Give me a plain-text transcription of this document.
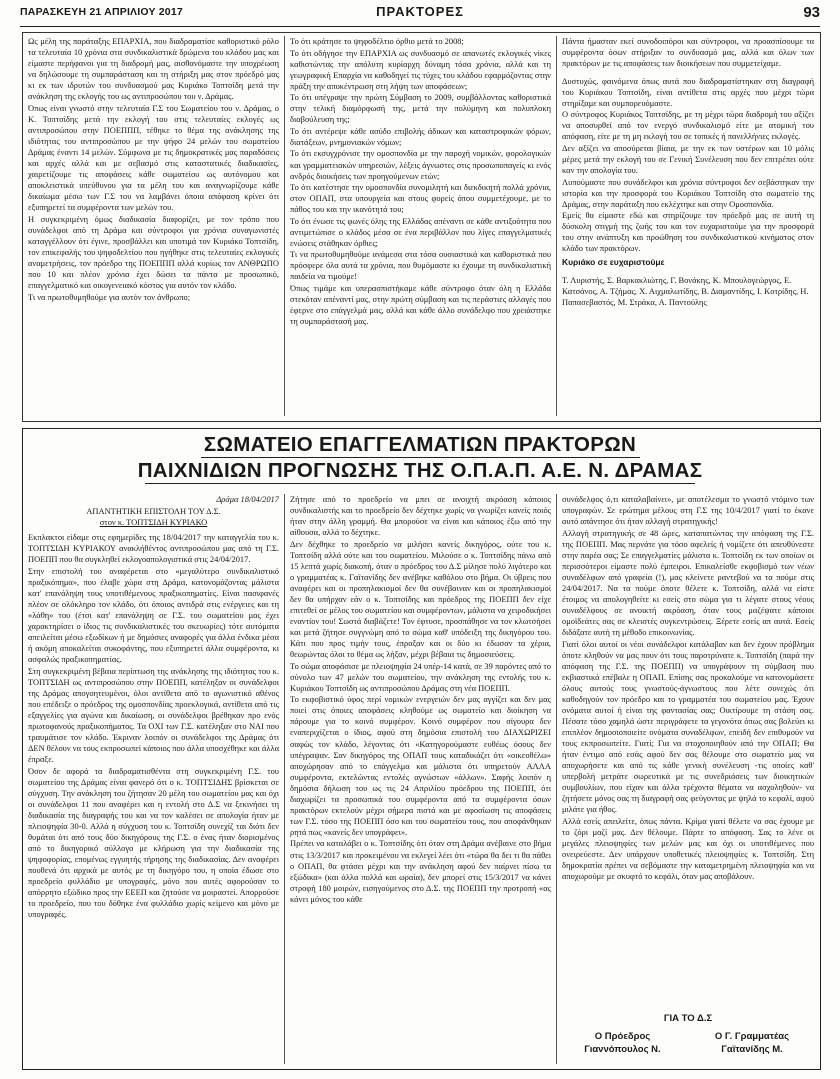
ΠΑΡΑΣΚΕΥΗ 21 ΑΠΡΙΛΙΟΥ 2017	ΠΡΑΚΤΟΡΕΣ	93

Ως μέλη της παράταξης ΕΠΑΡΧΙΑ, που διαδραματίσε καθοριστικό ρόλο τα τελευταία 10 χρόνια στα συνδικαλιστικά δρώμενα του κλάδου μας και είμαστε περήφανοι για τη διαδρομή μας, αισθανόμαστε την υποχρέωση να δηλώσουμε τη συμπαράσταση και τη στήριξη μας στον πρόεδρό μας κι εκ των ιδρυτών του συνδυασμού μας Κυριάκο Τοπτσίδη μετά την ανάκληση της εκλογής του ως αντιπροσώπου του ν. Δράμας.

Όπως είναι γνωστό στην τελευταία Γ.Σ του Σωματείου του ν. Δράμας, ο Κ. Τοπτσίδης μετά την εκλογή του στις τελευταίες εκλογές ως αντιπροσώπου στην ΠΟΕΠΠΠ, τέθηκε το θέμα της ανάκλησης της ιδιότητας του αντιπροσώπου με την ψήφο 24 μελών του σωματείου Δράμας έναντι 14 μελών. Σύμφωνα με τις δημοκρατικές μας παραδόσεις και αρχές αλλά και με σεβασμό στις καταστατικές διαδικασίες, χαιρετίζουμε τις αποφάσεις κάθε σωματείου ως αυτόνομου και αποκλειστικά υπεύθυνου για τα μέλη του και αναγνωρίζουμε κάθε δικαίωμα μέσω των Γ.Σ του να λαμβάνει όποια απόφαση κρίνει ότι εξυπηρετεί τα συμφέροντα των μελών του.

Η συγκεκριμένη όμως διαδικασία διαφορίζει, με τον τρόπο που συνάδελφοι από τη Δράμα και σύντροφοι για χρόνια συναγωνιστές καταγγέλλουν ότι έγινε, προσβάλλει και υποτιμά τον Κυριάκο Τοπτσίδη, τον επικεφαλής του ψηφοδελτίου που ηγήθηκε στις τελευταίες εκλογικές αναμετρήσεις, τον πρόεδρο της ΠΟΕΠΠΠ αλλά κυρίως τον ΑΝΘΡΩΠΟ που 10 και πλέον χρόνια έχει δώσει τα πάντα με προσωπικό, επαγγελματικό και οικογενειακό κόστος για αυτόν τον κλάδο.

Τι να πρωτοθυμηθούμε για αυτόν τον άνθρωπο;

Το ότι κράτησε το ψηφοδέλτιο όρθιο μετά το 2008;

Το ότι οδήγησε την ΕΠΑΡΧΙΑ ως συνδυασμό σε απανωτές εκλογικές νίκες καθιστώντας την απόλυτη κυρίαρχη δύναμη τόσα χρόνια, αλλά και τη γεωγραφική Επαρχία να καθοδηγεί τις τύχες του κλάδου εφαρμόζοντας στην πράξη την αποκέντρωση στη λήψη των αποφάσεων;

Το ότι υπέγραψε την πρώτη Σύμβαση το 2009, συμβάλλοντας καθοριστικά στην τελική διαμόρφωσή της, μετά την πολύμηνη και πολυπλοκη διαβούλευση της;

Το ότι αντέρεψε κάθε ασύδο επιβολής άδικων και καταστροφικών φόρων, διατάξεων, μνημονιακών νόμων;

Το ότι εκσυγχρόνισε την ομοσπονδία με την παροχή νομικών, φορολογικών και γραμματειακών υπηρεσιών, λέξεις άγνωστες στις προσωποπαγείς κι ενός ανδρός διοικήσεις των προηγούμενων ετών;

Το ότι κατέστησε την ομοσπονδία συνομιλητή και διεκδικητή πολλά χρόνια, στον ΟΠΑΠ, στα υπουργεία και στους φορείς όπου συμμετέχουμε, με το πάθος του και την ικανότητά του;

Το ότι ένωσε τις φωνές όλης της Ελλάδας απέναντι σε κάθε αντιξοότητα που αντιμετώπισε ο κλάδος μέσα σε ένα περιβάλλον που λίγες επαγγελματικές ενώσεις στάθηκαν όρθιες;

Τι να πρωτοθυμηθούμε ανάμεσα στα τόσα ουσιαστικά και καθοριστικά που πρόσφερε όλα αυτά τα χρόνια, που θυμόμαστε κι έχουμε τη συνδικαλιστική παιδεία να τιμούμε!

Όπως τιμάμε και υπερασπιστήκαμε κάθε σύντροφο όταν όλη η Ελλάδα στεκόταν απέναντί μας, στην πρώτη σύμβαση και τις περάστιες αλλαγές που έφερνε στο επάγγελμά μας, αλλά και κάθε άλλο συνάδελφο που χρειάστηκε τη συμπαράστασή μας.

Πάντα ήμασταν εκεί συνοδοιπόροι και σύντροφοι, να προασπίσουμε τα συμφέροντα όσων στήριξαν το συνδυασμό μας, αλλά και όλων των πρακτόρων με τις αποφάσεις των διοικήσεων που συμμετείχαμε.

Δυστυχώς, φαινόμενα όπως αυτά που διαδραματίστηκαν στη διαγραφή του Κυριάκου Τοπτσίδη, είναι αντίθετα στις αρχές που μέχρι τώρα στηρίξαμε και συμπορευόμαστε.

Ο σύντροφος Κυριάκος Τοπτσίδης, με τη μέχρι τώρα διαδρομή του αξίζει να αποσυρθεί από τον ενεργό συνδικαλισμό είτε με ατομική του απόφαση, είτε με τη μη εκλογή του σε τοπικές ή πανελλήνιες εκλογές.

Δεν αξίζει να αποσύρεται βίαια, με την εκ των υστέρων και 10 μόλις μέρες μετά την εκλογή του σε Γενική Συνέλευση που δεν επιτρέπει ούτε καν την απολογία του.

Λυπούμαστε που συνάδελφοι και χρόνια σύντροφοι δεν σεβάστηκαν την ιστορία και την προσφορά του Κυριάκου Τοπτσίδη στο σωματείο της Δράμας, στην παράταξη που εκλέχτηκε και στην Ομοσπονδία.

Εμείς θα είμαστε εδώ και στηρίζουμε τον πρόεδρό μας σε αυτή τη δύσκολη στιγμή της ζωής του και τον ευχαριστούμε για την προσφορά του στην ανάπτυξη και προώθηση του συνδικαλιστικού κινήματος στον κλάδο των πρακτόρων.

Κυριάκο σε ευχαριστούμε

Τ. Λυριστής, Σ. Βαρκακλιώτης, Γ. Βονάκης, Κ. Μπουλογεώργος, Ε. Κατσάνος, Α. Τζήμας, Χ. Αιχμαλωτίδης, Β. Διαμαντίδης, Ι. Κοτρίδης, Η. Παπασεβαστός, Μ. Στράκα, Α. Παντούλης

ΣΩΜΑΤΕΙΟ ΕΠΑΓΓΕΛΜΑΤΙΩΝ ΠΡΑΚΤΟΡΩΝ
ΠΑΙΧΝΙΔΙΩΝ ΠΡΟΓΝΩΣΗΣ ΤΗΣ Ο.Π.Α.Π. Α.Ε. Ν. ΔΡΑΜΑΣ

Δράμα 18/04/2017

ΑΠΑΝΤΗΤΙΚΗ ΕΠΙΣΤΟΛΗ ΤΟΥ Δ.Σ.

στον κ. ΤΟΠΤΣΙΔΗ ΚΥΡΙΑΚΟ

Εκπλακτοι είδαμε στις εφημερίδες της 18/04/2017 την καταγγελία του κ. ΤΟΠΤΣΙΔΗ ΚΥΡΙΑΚΟΥ ανακλήθέντος αντιπροσώπου μας από τη Γ.Σ. ΠΟΕΠΠ που θα συγκληθεί εκλογοαπολογιστικά στις 24/04/2017.

Στην επιστολή του αναφέρεται στο «μεγαλύτερο συνδικαλιστικό πραξικόπημα», που έλαβε χώρα στη Δράμα, κατονομάζοντας μάλιστα κατ' επανάληψη τους υποτιθέμενους πραξικοπηματίες. Είναι πασιφανές πλέον σε ολόκληρο τον κλάδο, ότι όποιος αντιδρά στις ενέργειες και τη «λάθη» του (έτσι κατ' επανάληψη σε Γ.Σ. του σωματείου μας έχει χαρακτηρίσει ο ίδιος τις συνδικαλιστικές του σκευωρίες) τότε αυτόματα απειλείται μέσω εξωδίκων ή με δημόσιες αναφορές για άλλα ένδικα μέσα ή ακόμη αποκαλείται συκοφάντης, που εξυπηρετεί άλλα συμφέροντα, κι ασφαλώς πραξικοπηματίας.

Στη συγκεκριμένη βέβαια περίπτωση της ανάκλησης της ιδιότητας του κ. ΤΟΠΤΣΙΔΗ ως αντιπροσώπου στην ΠΟΕΠΠ, κατέληξαν οι συνάδελφοι της Δράμας απογοητευμένοι, όλοι αντίθετα από το αγωνιστικό αθένος που επέδειξε ο πρόεδρος της ομοσπονδίας προεκλογικά, αντίθετα από τις εξαγγελίες για αγώνα και δικαίωση, οι συνάδελφοι βρέθηκαν προ ενός πρωτοφανούς πραξικοπήματος. Τα ΟΧΙ των Γ.Σ. κατέληξαν στο ΝΑΙ που τραυμάτισε τον κλάδο. Έκριναν λοιπόν οι συνάδελφοι της Δράμας ότι ΔΕΝ θέλουν να τους εκπροσωπεί κάποιος που άλλα υποσχέθηκε και άλλα έπραξε.

Όσον δε αφορά τα διαδραματισθέντα στη συγκεκριμένη Γ.Σ. του σωματείου της Δράμας είναι φανερό ότι ο κ. ΤΟΠΤΣΙΔΗΣ βρίσκεται σε σύγχυση. Την ανάκληση του ζήτησαν 20 μέλη του σωματείου μας και όχι οι συνάδελφοι 11 που αναφέρει και η εντολή στο Δ.Σ να ξεκινήσει τη διαδικασία της διαγραφής του και να τον καλέσει σε απολογία ήταν με πλειοψηφία 30-0. Αλλά η σύγχυση του κ. Τοπτσίδη συνεχίζ ται διότι δεν θυμάται ότι από τους δύο δικηγόρους της Γ.Σ. ο ένας ήταν διορισμένος από το δικηγορικό σύλλογο με κλήρωση για την διαδικασία της ψηφοφορίας, επομένως εγγυητής τήρησης της διαδικασίας. Δεν αναφέρει πουθενά ότι αρχικά με αυτός με τη δικηγόρο του, η οποία έδωσε στο προεδρείο φυλλάδιο με υπογραφές, μόνο που αυτές αφορούσαν το απόρρητο εξώδικο προς την ΕΕΕΠ και ζητούσε να μοιραστεί. Απορρούσε το προεδρείο, που του δόθηκε ένα φυλλάδιο χωρίς κείμενο και μόνο με υπογραφές.

Ζήτησε από το προεδρείο να μπει σε ανοιχτή ακρόαση κάποιος συνδικαλιστής και το προεδρείο δεν δέχτηκε χωρίς να γνωρίζει κανείς ποιός ήταν στην άλλη γραμμή. Θα μπορούσε να είναι και κάποιος έξω από την αίθουσα, αλλά το δέχτηκε.

Δεν δέχθηκε το προεδρείο να μιλήσει κανείς δικηγόρος, ούτε του κ. Τοπτσίδη αλλά ούτε και του σωματείου. Μιλούσε ο κ. Τοπτσίδης πάνω από 15 λεπτά χωρίς διακοπή, όταν ο πρόεδρος του Δ.Σ μίλησε πολύ λιγότερο και ο γραμματέας κ. Γαϊτανίδης δεν ανέβηκε καθόλου στο βήμα. Οι ύβρεις που αναφέρει και οι προπηλακισμοί δεν θα συνέβαιναν και οι προπηλακισμοί δεν θα υπήρχαν εάν ο κ. Τοπτσίδης και πρόεδρος της ΠΟΕΠΠ δεν είχε επιτεθεί σε μέλος του σωματείου και συμφέροντων, μάλιστα να χειροδικήσει εναντίον του! Σωστά διαβάζετε! Τον έφτυσε, προσπάθησε να τον κλωτσήσει και μετά ζήτησε συγγνώμη από το σώμα καθ' υπόδειξη της δικηγόρου του. Κάτι που προς τιμήν τους, έπραξαν και οι δύο κι έδωσαν τα χέρια, θεωρώντας όλοι το θέμα ως λήξαν, μέχρι βέβαια τις δημοσιεύσεις.

Το σώμα αποφάσισε με πλειοψηφία 24 υπέρ-14 κατά, σε 39 παρόντες από το σύνολο των 47 μελών του σωματείου, την ανάκληση της εντολής του κ. Κυριάκου Τοπτσίδη ως αντιπροσώπου Δράμας στη νέα ΠΟΕΠΠ.

Το εκφοβιστικό ύφος περί νομικών ενεργειών δεν μας αγγίζει και δεν μας ποιεί στις όποιες αποφάσεις κληθούμε ως σωματείο και διοίκηση να πάρουμε για το κοινό συμφέρον. Κοινό συμφέρον που σίγουρα δεν εναπεριχίζεται ο ίδιος, αφού στη δημόσια επιστολή του ΔΙΑΧΩΡΙΖΕΙ σαφώς τον κλάδο, λέγοντας ότι «Κατηγορούμαστε ευθέως όσους δεν υπέγραψαν. Σαν δικηγόρος της ΟΠΑΠ τους καταδικάζει ότι «οικεοθέλω» αποχώρησαν από το επάγγελμα και μάλιστα ότι υπηρετούν ΑΛΛΑ συμφέροντα, εκτελώντας εντολές αγνώστων «άλλων». Σαφής λοιπόν η δημόσια δήλωση του ως τις 24 Απριλίου πρόεδρου της ΠΟΕΠΠ, ότι διαχωρίζει τα προσωπικά του συμφέροντα από τα συμφέροντα όσων πρακτόρων εκτελούν μέχρι σήμερα πιστά και με αφοσίωση τις αποφάσεις των Γ.Σ. τόσο της ΠΟΕΠΠ όσο και του σωματείου τους, που αποφάνθηκαν ρητά πως «κανείς δεν υπογράφει».

Πρέπει να καταλάβει ο κ. Τοπτσίδης ότι όταν στη Δράμα ανέβαινε στο βήμα στις 13/3/2017 και προκειμένου να εκλεγεί λέει ότι «τώρα θα δει τι θα πάθει ο ΟΠΑΠ, θα φτάσει μέχρι και την ανάκληση αφού δεν παίρνει πίσω τα εξώδικα» (και άλλα πολλά και ωραία), δεν μπορεί στις 15/3/2017 να κάνει στροφή 180 μοιρών, εισηγούμενος στο Δ.Σ. της ΠΟΕΠΠ την προτροπή «ας κάνει μόνος του κάθε

συνάδελφος ό,τι καταλαβαίνει», με αποτέλεσμα το γνωστό ντόμινο των υπογραφών. Σε ερώτημα μέλους στη Γ.Σ της 10/4/2017 γιατί το έκανε αυτό απάντησε ότι ήταν αλλαγή στρατηγικής!

Αλλαγή στρατηγικής σε 48 ώρες, καταπατώντας την απόφαση της Γ.Σ. της ΠΟΕΠΠ. Μας περνάτε για τόσο αφελείς ή νομίζετε ότι απευθύνεστε στην παρέα σας; Σε επαγγελματίες μάλιστα κ. Τοπτσίδη εκ των οποίων οι περισσότεροι είμαστε πολύ έμπειροι. Επικαλείσθε εκφοβισμό των νέων συναδέλφων από γραφεία (!), μας κλείνετε ραντεβού να τα πούμε στις 24/04/2017. Να τα πούμε όποτε θέλετε κ. Τοπτσίδη, αλλά να είστε έτοιμος να απολογηθείτε κι εσείς στο σώμα για τι λέγατε στους νέους συναδέλφους σε ανοικτή ακρόαση, όταν τους μαζέψατε κάποιοι ομοϊδεάτες σας σε κλειστές συγκεντρώσεις. Ξέρετε εσείς απ αυτά. Εσείς διδάξατε αυτή τη μέθοδο επικοινωνίας.

Γιατί όλοι αυτοί οι νέοι συνάδελφοι κατάλαβαν και δεν έχουν πρόβλημα όποτε κληθούν να μας πουν ότι τους παροτρύνατε κ. Τοπτσίδη (παρά την απόφαση της Γ.Σ. της ΠΟΕΠΠ) να υπογράψουν τη σύμβαση που εκβιαστικά επέβαλε η ΟΠΑΠ. Επίσης σας προκαλούμε να κατονομάσετε όλους αυτούς τους γνωστούς-άγνωστους που λέτε συνεχώς ότι καθοδηγούν τον πρόεδρο και το γραμματέα του σωματείου μας. Έχουν ονόματα αυτοί ή είναι της φαντασίας σας; Οικτίρουμε τη στάση σας. Πέσατε τόσο χαμηλά ώστε περιγράφετε τα γεγονότα όπως σας βολεύει κι επιπλέον δημοσιοποιείτε ονόματα συναδέλφων, επειδή δεν επιθυμούν να τους εκπροσωπείτε. Γιατί; Για να στοχοποιηθούν από την ΟΠΑΠ; Θα ήταν έντιμο από εσάς αφού δεν σας θέλουμε στο σωματείο μας να αποχωρήσετε και από τις κάθε γενική συνέλευση -τις οποίες καθ' υπερβολή μετράτε σωρευτικά με τις συνεδριάσεις των διοικητικών συμβουλίων, που είχαν και άλλα τρέχοντα θέματα να ασχοληθούν- να ζητήσετε μόνος σας τη διαγραφή σας φεύγοντας με ψηλά το κεφαλί, αφού μιλάτε για ήθος.

Αλλά εσείς απειλείτε, όπως πάντα. Κρίμα γιατί θέλετε να σας έχουμε με το ζόρι μαζί μας. Δεν θέλουμε. Πάρτε το απόφαση. Σας το λένε οι μεγάλες πλειοψηφίες των μελών μας και όχι οι υποτιθέμενες που ονειρεύεστε. Δεν υπάρχουν υποθετικές πλειοψηφίες κ. Τοπτσίδη. Στη δημοκρατία πρέπει να σεβόμαστε την καταμετρημένη πλειοψηφία και να αποχωρούμε με σκυφτό το κεφάλι, όταν μας αποβάλουν.

ΓΙΑ ΤΟ Δ.Σ
Ο Πρόεδρος
Γιαννόπουλος Ν.
Ο Γ. Γραμματέας
Γαϊτανίδης Μ.
